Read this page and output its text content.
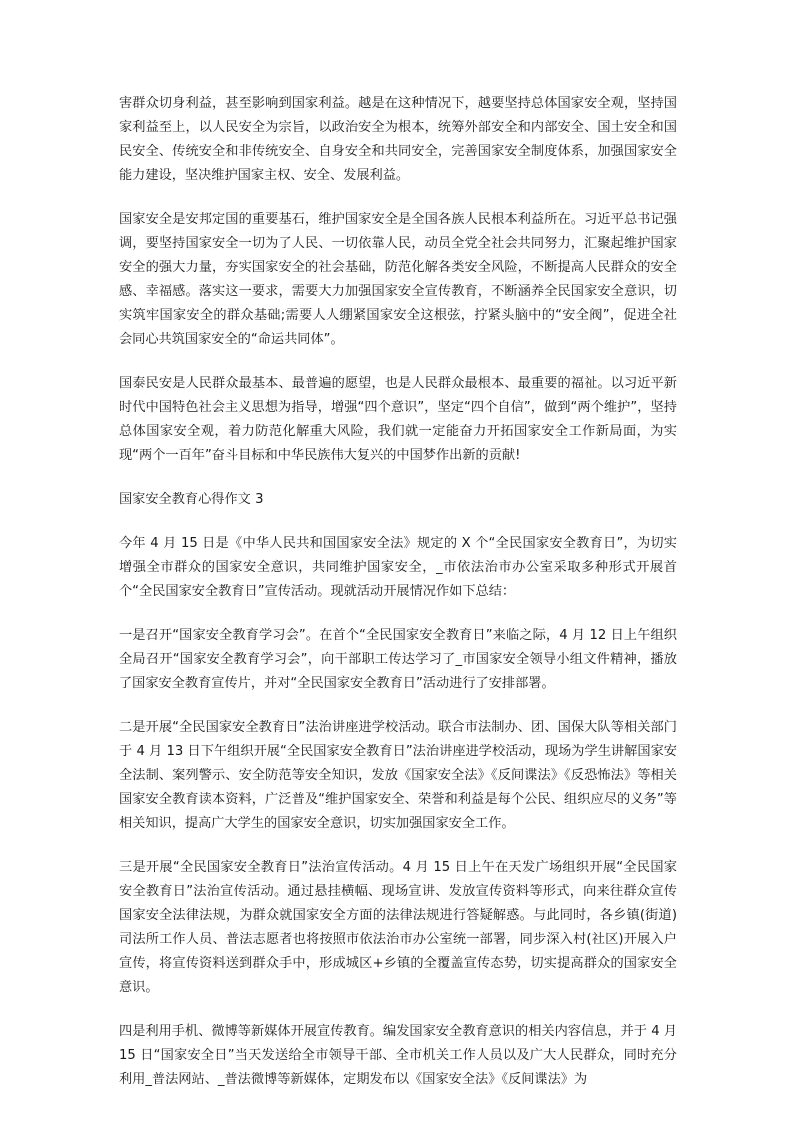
害群众切身利益，甚至影响到国家利益。越是在这种情况下，越要坚持总体国家安全观，坚持国家利益至上，以人民安全为宗旨，以政治安全为根本，统筹外部安全和内部安全、国土安全和国民安全、传统安全和非传统安全、自身安全和共同安全，完善国家安全制度体系，加强国家安全能力建设，坚决维护国家主权、安全、发展利益。

国家安全是安邦定国的重要基石，维护国家安全是全国各族人民根本利益所在。习近平总书记强调，要坚持国家安全一切为了人民、一切依靠人民，动员全党全社会共同努力，汇聚起维护国家安全的强大力量，夯实国家安全的社会基础，防范化解各类安全风险，不断提高人民群众的安全感、幸福感。落实这一要求，需要大力加强国家安全宣传教育，不断涵养全民国家安全意识，切实筑牢国家安全的群众基础;需要人人绷紧国家安全这根弦，拧紧头脑中的“安全阀”，促进全社会同心共筑国家安全的“命运共同体”。

国泰民安是人民群众最基本、最普遍的愿望，也是人民群众最根本、最重要的福祉。以习近平新时代中国特色社会主义思想为指导，增强“四个意识”，坚定“四个自信”，做到“两个维护”，坚持总体国家安全观，着力防范化解重大风险，我们就一定能奋力开拓国家安全工作新局面，为实现“两个一百年”奋斗目标和中华民族伟大复兴的中国梦作出新的贡献!

国家安全教育心得作文 3

今年 4 月 15 日是《中华人民共和国国家安全法》规定的 X 个“全民国家安全教育日”，为切实增强全市群众的国家安全意识，共同维护国家安全，_市依法治市办公室采取多种形式开展首个“全民国家安全教育日”宣传活动。现就活动开展情况作如下总结：

一是召开“国家安全教育学习会”。在首个“全民国家安全教育日”来临之际，4 月 12 日上午组织全局召开“国家安全教育学习会”，向干部职工传达学习了_市国家安全领导小组文件精神，播放了国家安全教育宣传片，并对“全民国家安全教育日”活动进行了安排部署。

二是开展“全民国家安全教育日”法治讲座进学校活动。联合市法制办、团、国保大队等相关部门于 4 月 13 日下午组织开展“全民国家安全教育日”法治讲座进学校活动，现场为学生讲解国家安全法制、案列警示、安全防范等安全知识，发放《国家安全法》《反间谍法》《反恐怖法》等相关国家安全教育读本资料，广泛普及“维护国家安全、荣誉和利益是每个公民、组织应尽的义务”等相关知识，提高广大学生的国家安全意识，切实加强国家安全工作。

三是开展“全民国家安全教育日”法治宣传活动。4 月 15 日上午在天发广场组织开展“全民国家安全教育日”法治宣传活动。通过悬挂横幅、现场宣讲、发放宣传资料等形式，向来往群众宣传国家安全法律法规，为群众就国家安全方面的法律法规进行答疑解惑。与此同时，各乡镇(街道)司法所工作人员、普法志愿者也将按照市依法治市办公室统一部署，同步深入村(社区)开展入户宣传，将宣传资料送到群众手中，形成城区+乡镇的全覆盖宣传态势，切实提高群众的国家安全意识。

四是利用手机、微博等新媒体开展宣传教育。编发国家安全教育意识的相关内容信息，并于 4 月 15 日“国家安全日”当天发送给全市领导干部、全市机关工作人员以及广大人民群众，同时充分利用_普法网站、_普法微博等新媒体，定期发布以《国家安全法》《反间谍法》为
